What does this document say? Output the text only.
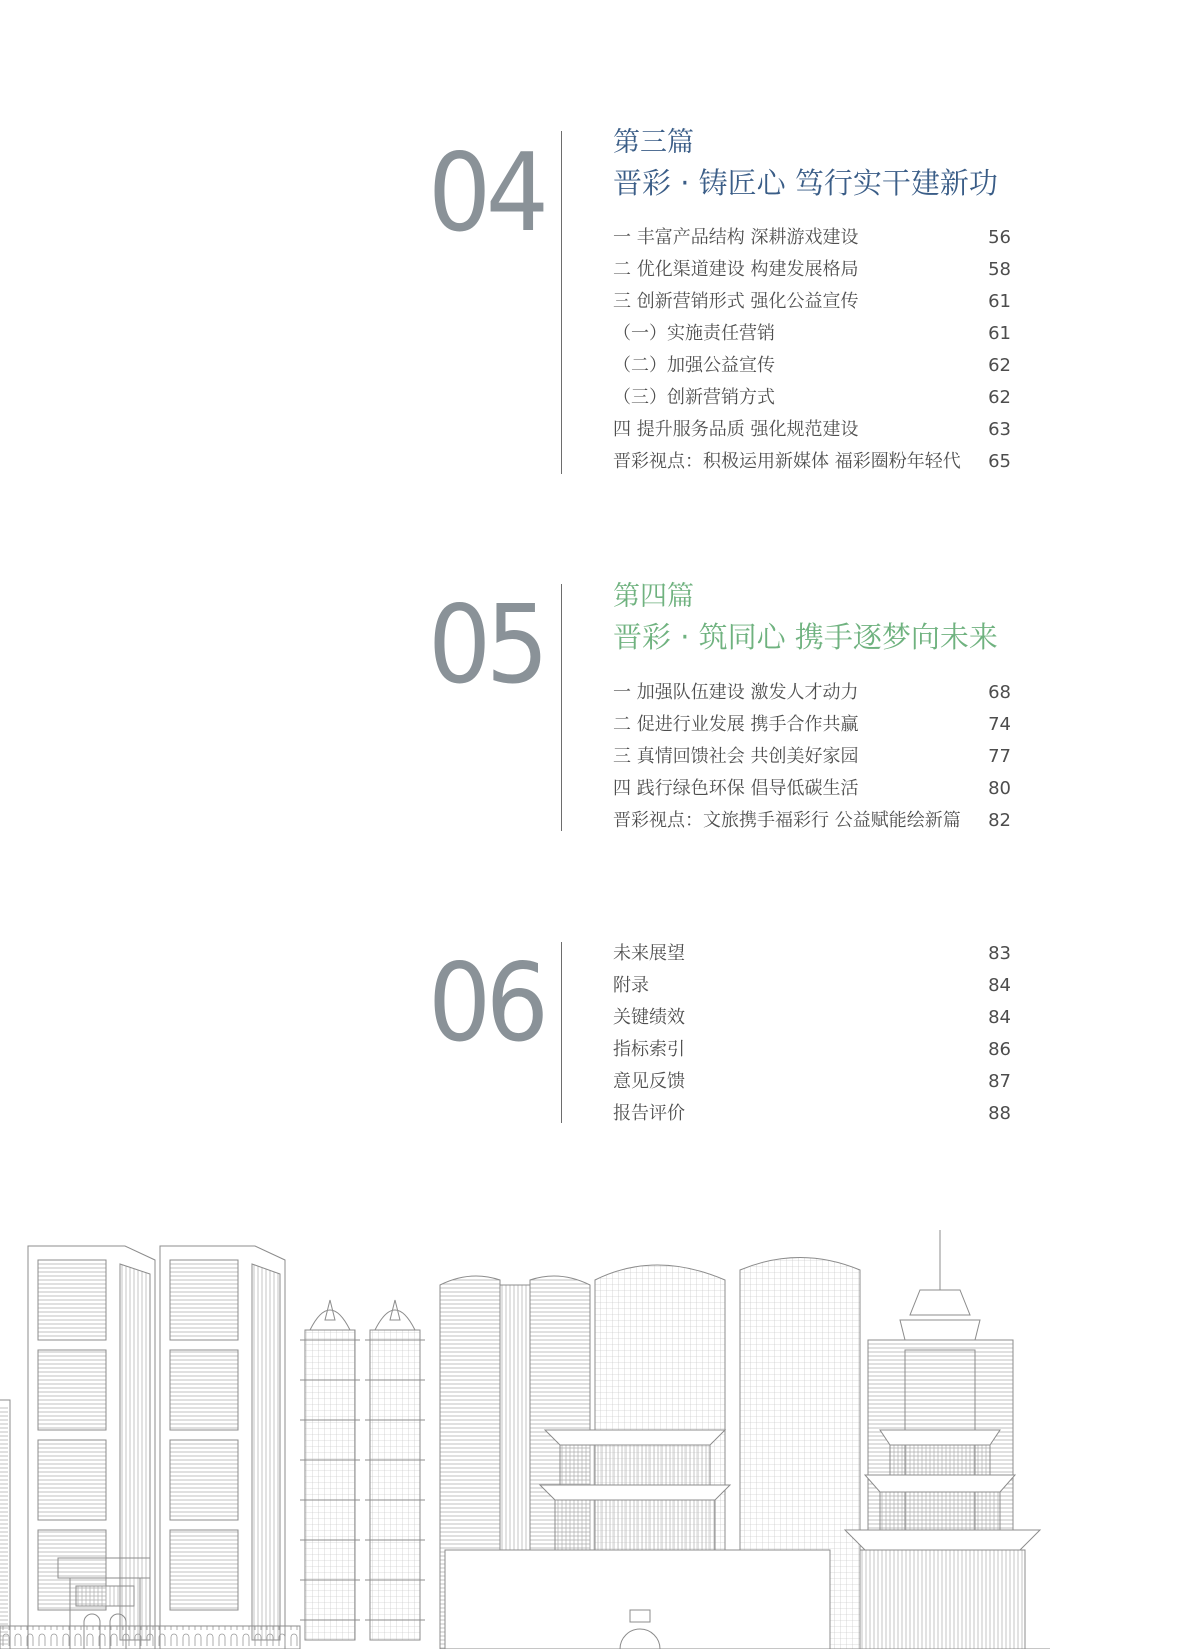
04	第三篇
晋彩 · 铸匠心 笃行实干建新功
一 丰富产品结构 深耕游戏建设	56
二 优化渠道建设 构建发展格局	58
三 创新营销形式 强化公益宣传	61
（一）实施责任营销	61
（二）加强公益宣传	62
（三）创新营销方式	62
四 提升服务品质 强化规范建设	63
晋彩视点：积极运用新媒体 福彩圈粉年轻代	65
05	第四篇
晋彩 · 筑同心 携手逐梦向未来
一 加强队伍建设 激发人才动力	68
二 促进行业发展 携手合作共赢	74
三 真情回馈社会 共创美好家园	77
四 践行绿色环保 倡导低碳生活	80
晋彩视点：文旅携手福彩行 公益赋能绘新篇	82
06	未来展望	83
附录	84
关键绩效	84
指标索引	86
意见反馈	87
报告评价	88
